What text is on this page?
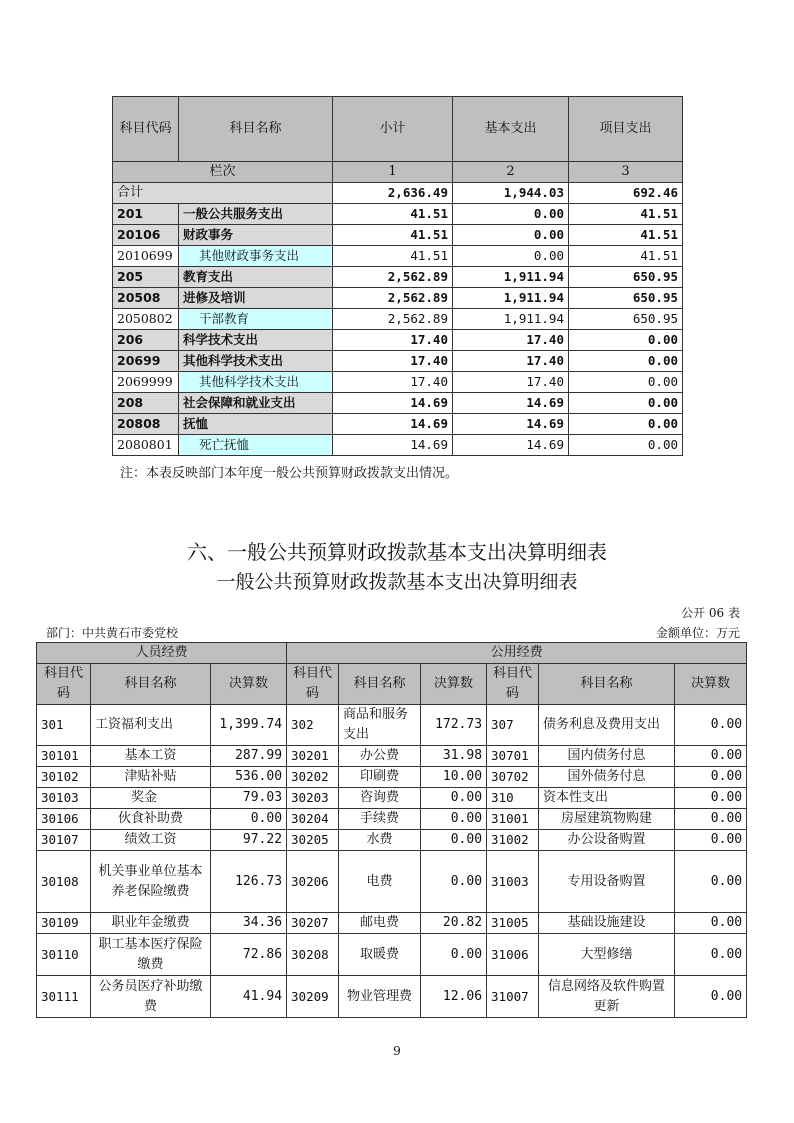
科目代码	科目名称	小计	基本支出	项目支出
栏次		1	2	3
合计		2,636.49	1,944.03	692.46
201	一般公共服务支出	41.51	0.00	41.51
20106	财政事务	41.51	0.00	41.51
2010699	其他财政事务支出	41.51	0.00	41.51
205	教育支出	2,562.89	1,911.94	650.95
20508	进修及培训	2,562.89	1,911.94	650.95
2050802	干部教育	2,562.89	1,911.94	650.95
206	科学技术支出	17.40	17.40	0.00
20699	其他科学技术支出	17.40	17.40	0.00
2069999	其他科学技术支出	17.40	17.40	0.00
208	社会保障和就业支出	14.69	14.69	0.00
20808	抚恤	14.69	14.69	0.00
2080801	死亡抚恤	14.69	14.69	0.00
注：本表反映部门本年度一般公共预算财政拨款支出情况。
六、一般公共预算财政拨款基本支出决算明细表
一般公共预算财政拨款基本支出决算明细表
公开 06 表
部门：中共黄石市委党校	金额单位：万元
人员经费			公用经费					
科目代码	科目名称	决算数	科目代码	科目名称	决算数	科目代码	科目名称	决算数
301	工资福利支出	1,399.74	302	商品和服务支出	172.73	307	债务利息及费用支出	0.00
30101	基本工资	287.99	30201	办公费	31.98	30701	国内债务付息	0.00
30102	津贴补贴	536.00	30202	印刷费	10.00	30702	国外债务付息	0.00
30103	奖金	79.03	30203	咨询费	0.00	310	资本性支出	0.00
30106	伙食补助费	0.00	30204	手续费	0.00	31001	房屋建筑物购建	0.00
30107	绩效工资	97.22	30205	水费	0.00	31002	办公设备购置	0.00
30108	机关事业单位基本养老保险缴费	126.73	30206	电费	0.00	31003	专用设备购置	0.00
30109	职业年金缴费	34.36	30207	邮电费	20.82	31005	基础设施建设	0.00
30110	职工基本医疗保险缴费	72.86	30208	取暖费	0.00	31006	大型修缮	0.00
30111	公务员医疗补助缴费	41.94	30209	物业管理费	12.06	31007	信息网络及软件购置更新	0.00
9
